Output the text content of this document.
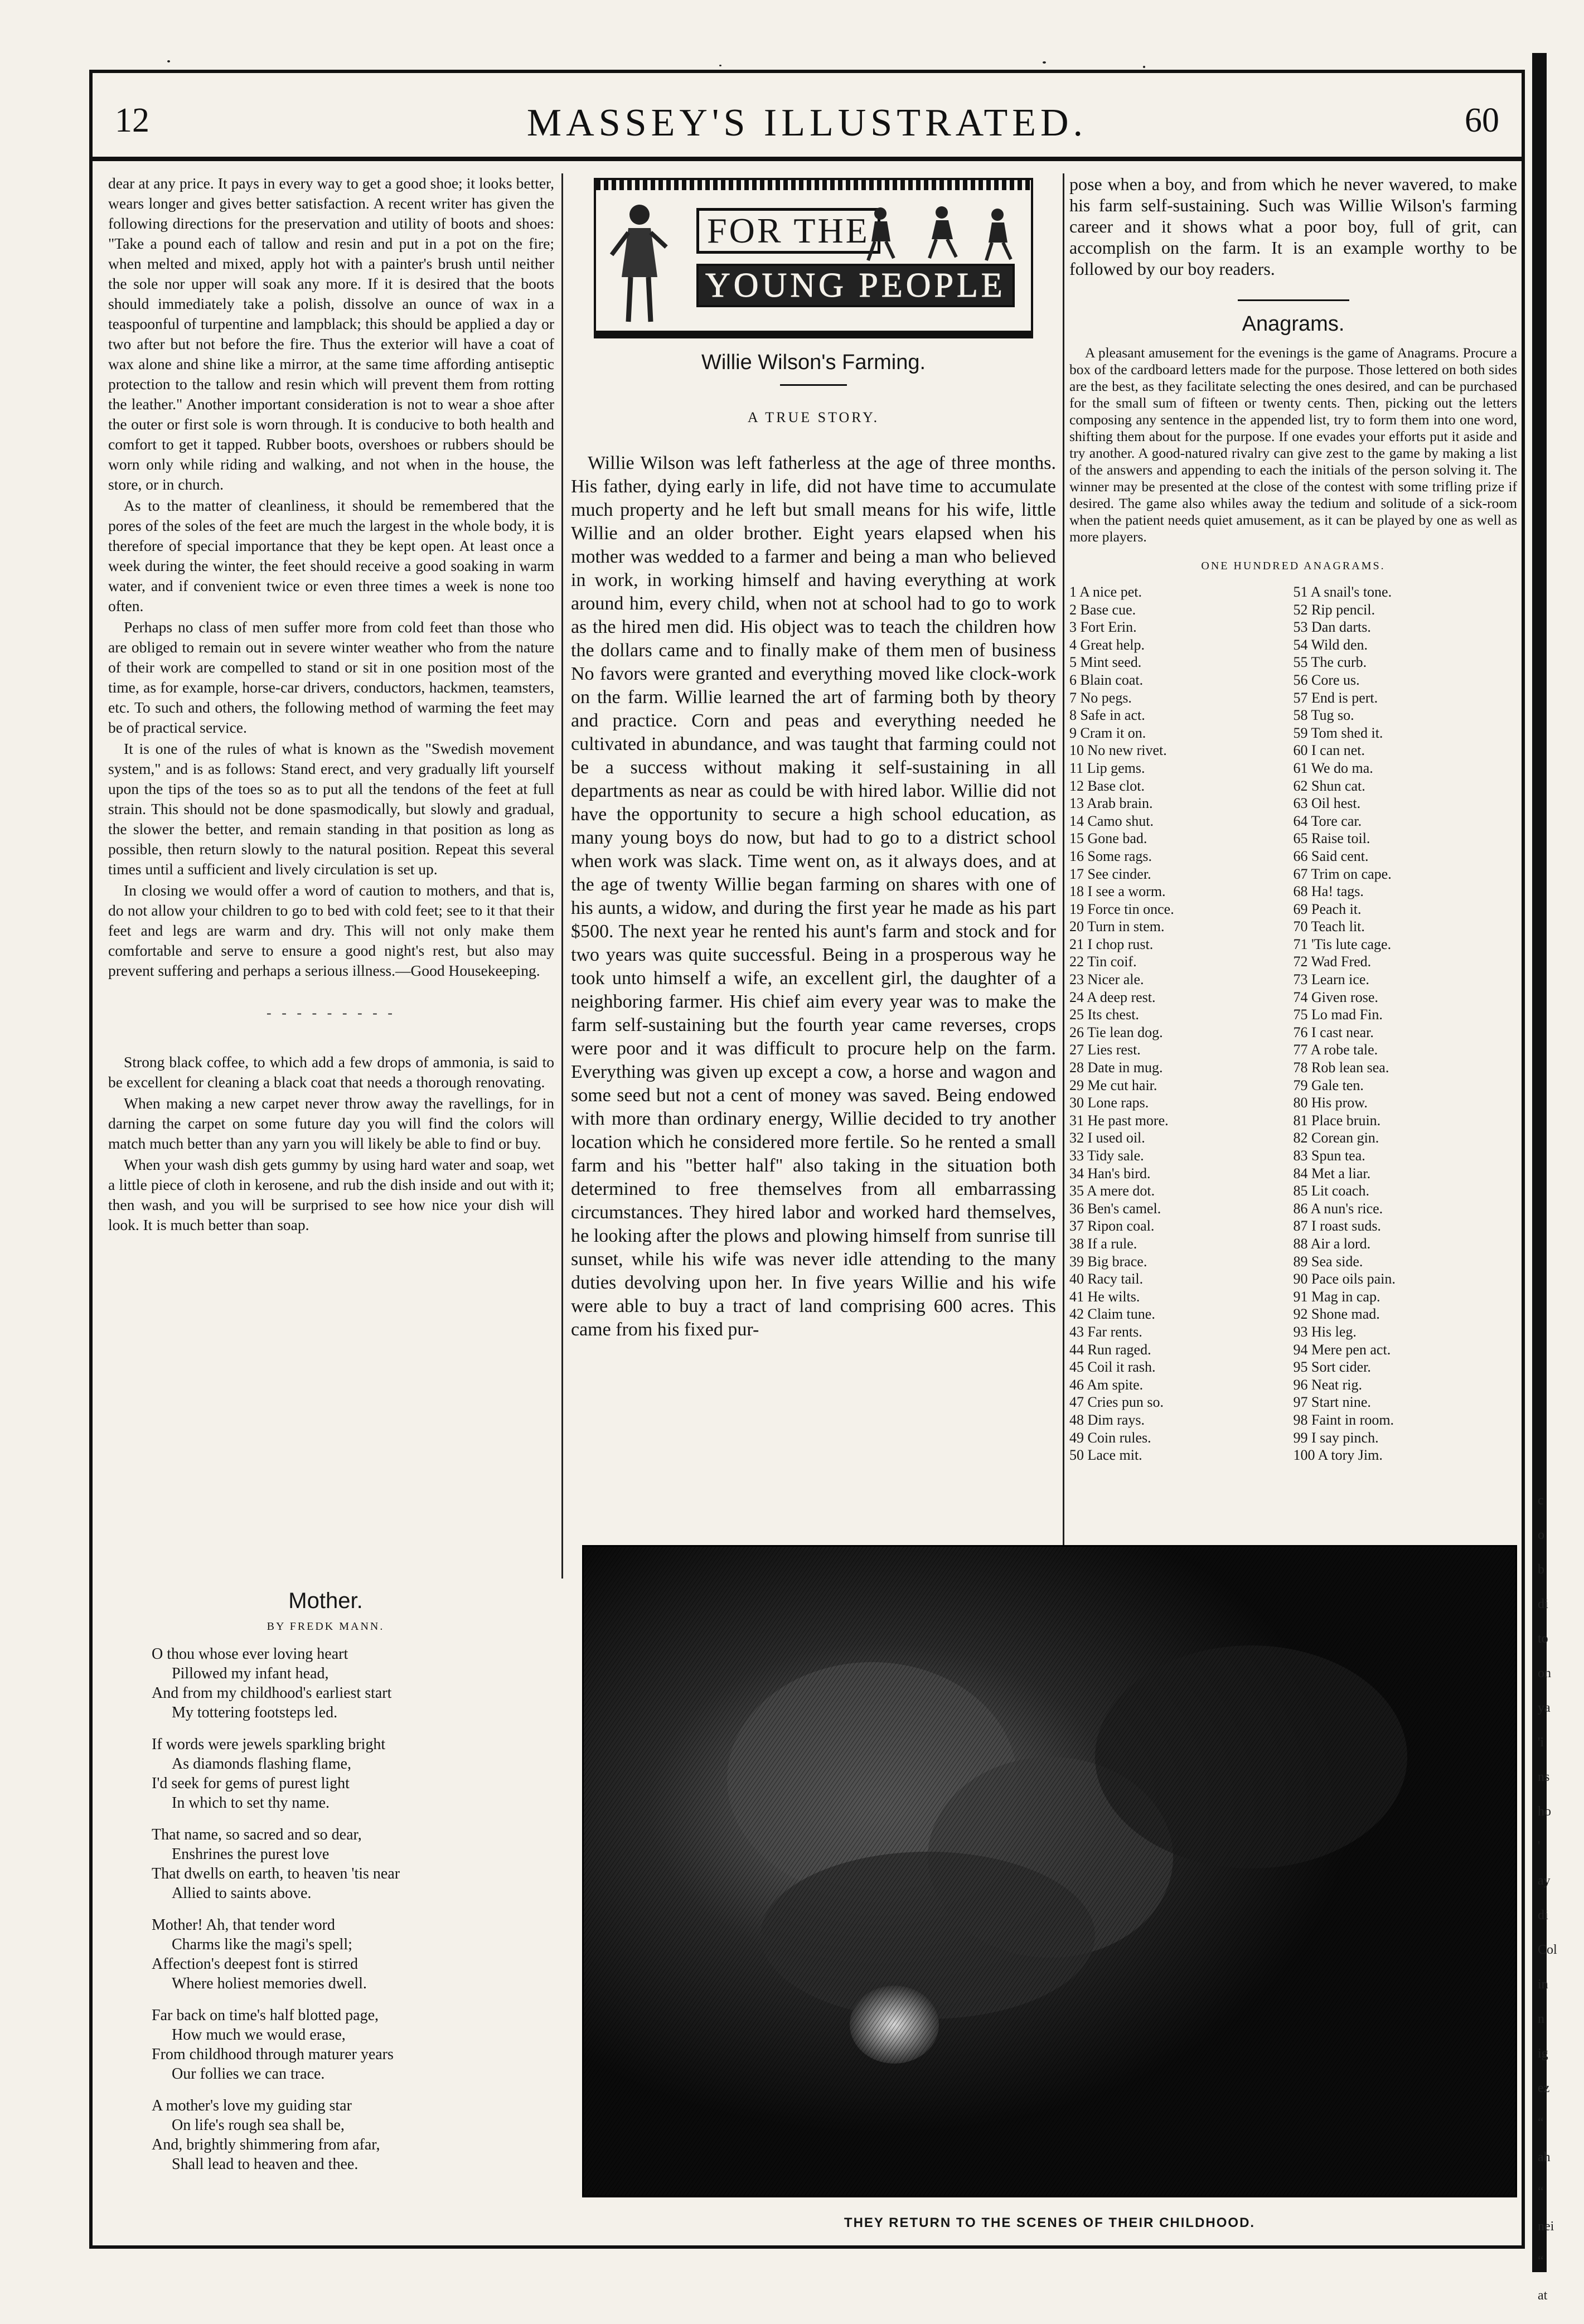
12	MASSEY'S ILLUSTRATED.	60

dear at any price. It pays in every way to get a good shoe; it looks better, wears longer and gives better satisfaction. A recent writer has given the following directions for the preservation and utility of boots and shoes: "Take a pound each of tallow and resin and put in a pot on the fire; when melted and mixed, apply hot with a painter's brush until neither the sole nor upper will soak any more. If it is desired that the boots should immediately take a polish, dissolve an ounce of wax in a teaspoonful of turpentine and lampblack; this should be applied a day or two after but not before the fire. Thus the exterior will have a coat of wax alone and shine like a mirror, at the same time affording antiseptic protection to the tallow and resin which will prevent them from rotting the leather." Another important consideration is not to wear a shoe after the outer or first sole is worn through. It is conducive to both health and comfort to get it tapped. Rubber boots, overshoes or rubbers should be worn only while riding and walking, and not when in the house, the store, or in church.

As to the matter of cleanliness, it should be remembered that the pores of the soles of the feet are much the largest in the whole body, it is therefore of special importance that they be kept open. At least once a week during the winter, the feet should receive a good soaking in warm water, and if convenient twice or even three times a week is none too often.

Perhaps no class of men suffer more from cold feet than those who are obliged to remain out in severe winter weather who from the nature of their work are compelled to stand or sit in one position most of the time, as for example, horse-car drivers, conductors, hackmen, teamsters, etc. To such and others, the following method of warming the feet may be of practical service.

It is one of the rules of what is known as the "Swedish movement system," and is as follows: Stand erect, and very gradually lift yourself upon the tips of the toes so as to put all the tendons of the feet at full strain. This should not be done spasmodically, but slowly and gradual, the slower the better, and remain standing in that position as long as possible, then return slowly to the natural position. Repeat this several times until a sufficient and lively circulation is set up.

In closing we would offer a word of caution to mothers, and that is, do not allow your children to go to bed with cold feet; see to it that their feet and legs are warm and dry. This will not only make them comfortable and serve to ensure a good night's rest, but also may prevent suffering and perhaps a serious illness.—Good Housekeeping.

- - - - - - - - -

Strong black coffee, to which add a few drops of ammonia, is said to be excellent for cleaning a black coat that needs a thorough renovating.

When making a new carpet never throw away the ravellings, for in darning the carpet on some future day you will find the colors will match much better than any yarn you will likely be able to find or buy.

When your wash dish gets gummy by using hard water and soap, wet a little piece of cloth in kerosene, and rub the dish inside and out with it; then wash, and you will be surprised to see how nice your dish will look. It is much better than soap.

FOR THE
YOUNG PEOPLE
Willie Wilson's Farming.
A TRUE STORY.

Willie Wilson was left fatherless at the age of three months. His father, dying early in life, did not have time to accumulate much property and he left but small means for his wife, little Willie and an older brother. Eight years elapsed when his mother was wedded to a farmer and being a man who believed in work, in working himself and having everything at work around him, every child, when not at school had to go to work as the hired men did. His object was to teach the children how the dollars came and to finally make of them men of business No favors were granted and everything moved like clock-work on the farm. Willie learned the art of farming both by theory and practice. Corn and peas and everything needed he cultivated in abundance, and was taught that farming could not be a success without making it self-sustaining in all departments as near as could be with hired labor. Willie did not have the opportunity to secure a high school education, as many young boys do now, but had to go to a district school when work was slack. Time went on, as it always does, and at the age of twenty Willie began farming on shares with one of his aunts, a widow, and during the first year he made as his part $500. The next year he rented his aunt's farm and stock and for two years was quite successful. Being in a prosperous way he took unto himself a wife, an excellent girl, the daughter of a neighboring farmer. His chief aim every year was to make the farm self-sustaining but the fourth year came reverses, crops were poor and it was difficult to procure help on the farm. Everything was given up except a cow, a horse and wagon and some seed but not a cent of money was saved. Being endowed with more than ordinary energy, Willie decided to try another location which he considered more fertile. So he rented a small farm and his "better half" also taking in the situation both determined to free themselves from all embarrassing circumstances. They hired labor and worked hard themselves, he looking after the plows and plowing himself from sunrise till sunset, while his wife was never idle attending to the many duties devolving upon her. In five years Willie and his wife were able to buy a tract of land comprising 600 acres. This came from his fixed pur-

pose when a boy, and from which he never wavered, to make his farm self-sustaining. Such was Willie Wilson's farming career and it shows what a poor boy, full of grit, can accomplish on the farm. It is an example worthy to be followed by our boy readers.

Anagrams.

A pleasant amusement for the evenings is the game of Anagrams. Procure a box of the cardboard letters made for the purpose. Those lettered on both sides are the best, as they facilitate selecting the ones desired, and can be purchased for the small sum of fifteen or twenty cents. Then, picking out the letters composing any sentence in the appended list, try to form them into one word, shifting them about for the purpose. If one evades your efforts put it aside and try another. A good-natured rivalry can give zest to the game by making a list of the answers and appending to each the initials of the person solving it. The winner may be presented at the close of the contest with some trifling prize if desired. The game also whiles away the tedium and solitude of a sick-room when the patient needs quiet amusement, as it can be played by one as well as more players.

ONE HUNDRED ANAGRAMS.
1 A nice pet.
2 Base cue.
3 Fort Erin.
4 Great help.
5 Mint seed.
6 Blain coat.
7 No pegs.
8 Safe in act.
9 Cram it on.
10 No new rivet.
11 Lip gems.
12 Base clot.
13 Arab brain.
14 Camo shut.
15 Gone bad.
16 Some rags.
17 See cinder.
18 I see a worm.
19 Force tin once.
20 Turn in stem.
21 I chop rust.
22 Tin coif.
23 Nicer ale.
24 A deep rest.
25 Its chest.
26 Tie lean dog.
27 Lies rest.
28 Date in mug.
29 Me cut hair.
30 Lone raps.
31 He past more.
32 I used oil.
33 Tidy sale.
34 Han's bird.
35 A mere dot.
36 Ben's camel.
37 Ripon coal.
38 If a rule.
39 Big brace.
40 Racy tail.
41 He wilts.
42 Claim tune.
43 Far rents.
44 Run raged.
45 Coil it rash.
46 Am spite.
47 Cries pun so.
48 Dim rays.
49 Coin rules.
50 Lace mit.
51 A snail's tone.
52 Rip pencil.
53 Dan darts.
54 Wild den.
55 The curb.
56 Core us.
57 End is pert.
58 Tug so.
59 Tom shed it.
60 I can net.
61 We do ma.
62 Shun cat.
63 Oil hest.
64 Tore car.
65 Raise toil.
66 Said cent.
67 Trim on cape.
68 Ha! tags.
69 Peach it.
70 Teach lit.
71 'Tis lute cage.
72 Wad Fred.
73 Learn ice.
74 Given rose.
75 Lo mad Fin.
76 I cast near.
77 A robe tale.
78 Rob lean sea.
79 Gale ten.
80 His prow.
81 Place bruin.
82 Corean gin.
83 Spun tea.
84 Met a liar.
85 Lit coach.
86 A nun's rice.
87 I roast suds.
88 Air a lord.
89 Sea side.
90 Pace oils pain.
91 Mag in cap.
92 Shone mad.
93 His leg.
94 Mere pen act.
95 Sort cider.
96 Neat rig.
97 Start nine.
98 Faint in room.
99 I say pinch.
100 A tory Jim.
Mother.
BY FREDK MANN.
O thou whose ever loving heart
Pillowed my infant head,
And from my childhood's earliest start
My tottering footsteps led.
If words were jewels sparkling bright
As diamonds flashing flame,
I'd seek for gems of purest light
In which to set thy name.
That name, so sacred and so dear,
Enshrines the purest love
That dwells on earth, to heaven 'tis near
Allied to saints above.
Mother! Ah, that tender word
Charms like the magi's spell;
Affection's deepest font is stirred
Where holiest memories dwell.
Far back on time's half blotted page,
How much we would erase,
From childhood through maturer years
Our follies we can trace.
A mother's love my guiding star
On life's rough sea shall be,
And, brightly shimmering from afar,
Shall lead to heaven and thee.
THEY RETURN TO THE SCENES OF THEIR CHILDHOOD.
c
o
b
di
to
on
ya
'i
ns
ho
'
ay
di
Col
in
n
ig
ez
“
ah
“
nei
“
at
